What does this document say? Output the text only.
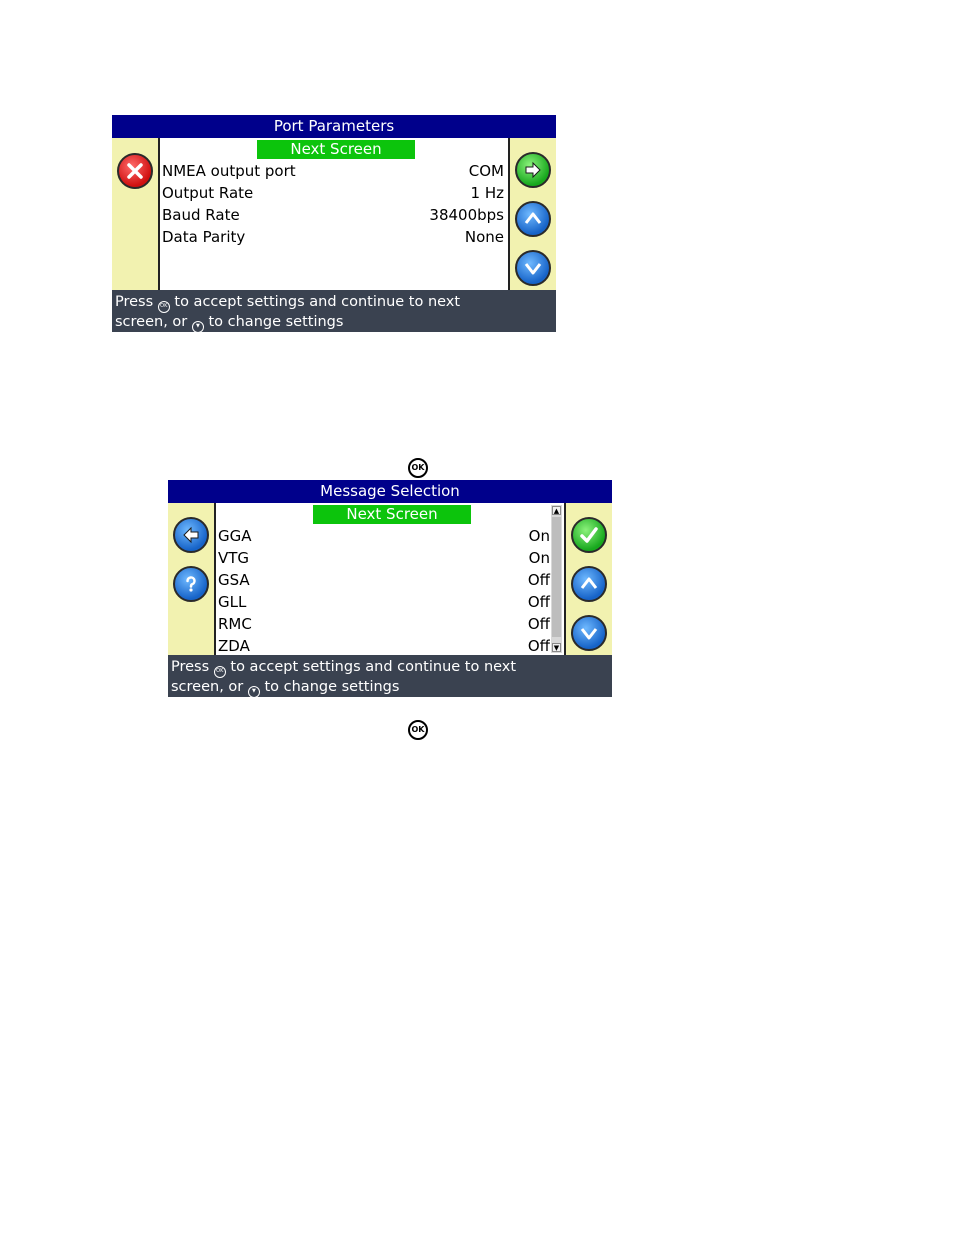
OK
Port Parameters
Next Screen
NMEA output port	COM
Output Rate	1 Hz
Baud Rate	38400bps
Data Parity	None
Press OK to accept settings and continue to next
screen, or ▼ to change settings
Message Selection
Next Screen
GGA	On
VTG	On
GSA	Off
GLL	Off
RMC	Off
ZDA	Off
▲
▼
Press OK to accept settings and continue to next
screen, or ▼ to change settings
OK
